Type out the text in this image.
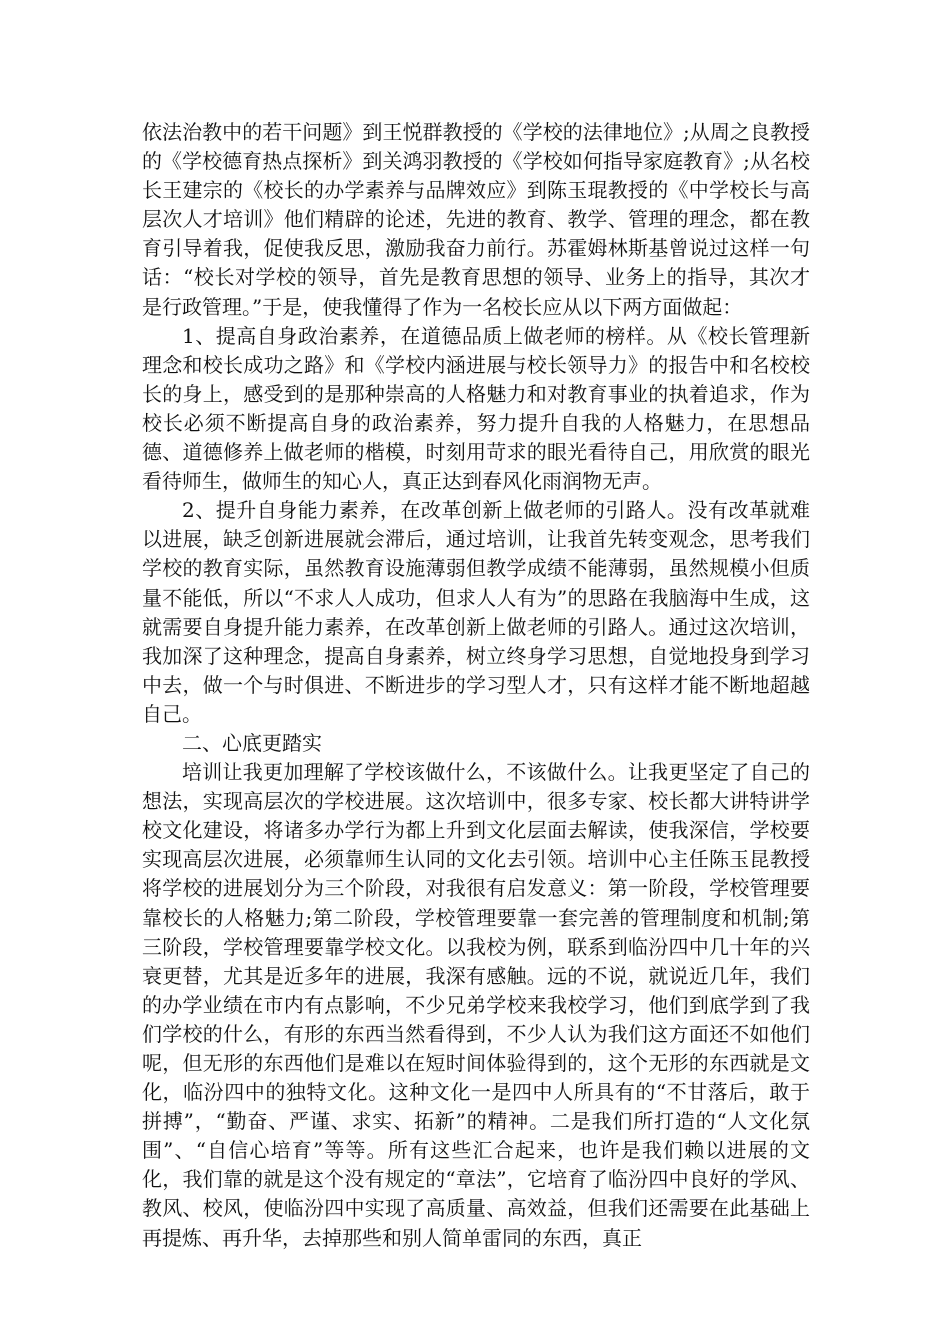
依法治教中的若干问题》到王悦群教授的《学校的法律地位》;从周之良教授的《学校德育热点探析》到关鸿羽教授的《学校如何指导家庭教育》;从名校长王建宗的《校长的办学素养与品牌效应》到陈玉琨教授的《中学校长与高层次人才培训》他们精辟的论述，先进的教育、教学、管理的理念，都在教育引导着我，促使我反思，激励我奋力前行。苏霍姆林斯基曾说过这样一句话：“校长对学校的领导，首先是教育思想的领导、业务上的指导，其次才是行政管理。”于是，使我懂得了作为一名校长应从以下两方面做起：

1、提高自身政治素养，在道德品质上做老师的榜样。从《校长管理新理念和校长成功之路》和《学校内涵进展与校长领导力》的报告中和名校校长的身上，感受到的是那种崇高的人格魅力和对教育事业的执着追求，作为校长必须不断提高自身的政治素养，努力提升自我的人格魅力，在思想品德、道德修养上做老师的楷模，时刻用苛求的眼光看待自己，用欣赏的眼光看待师生，做师生的知心人，真正达到春风化雨润物无声。

2、提升自身能力素养，在改革创新上做老师的引路人。没有改革就难以进展，缺乏创新进展就会滞后，通过培训，让我首先转变观念，思考我们学校的教育实际，虽然教育设施薄弱但教学成绩不能薄弱，虽然规模小但质量不能低，所以“不求人人成功，但求人人有为”的思路在我脑海中生成，这就需要自身提升能力素养，在改革创新上做老师的引路人。通过这次培训，我加深了这种理念，提高自身素养，树立终身学习思想，自觉地投身到学习中去，做一个与时俱进、不断进步的学习型人才，只有这样才能不断地超越自己。

二、心底更踏实

培训让我更加理解了学校该做什么，不该做什么。让我更坚定了自己的想法，实现高层次的学校进展。这次培训中，很多专家、校长都大讲特讲学校文化建设，将诸多办学行为都上升到文化层面去解读，使我深信，学校要实现高层次进展，必须靠师生认同的文化去引领。培训中心主任陈玉昆教授将学校的进展划分为三个阶段，对我很有启发意义：第一阶段，学校管理要靠校长的人格魅力;第二阶段，学校管理要靠一套完善的管理制度和机制;第三阶段，学校管理要靠学校文化。以我校为例，联系到临汾四中几十年的兴衰更替，尤其是近多年的进展，我深有感触。远的不说，就说近几年，我们的办学业绩在市内有点影响，不少兄弟学校来我校学习，他们到底学到了我们学校的什么，有形的东西当然看得到，不少人认为我们这方面还不如他们呢，但无形的东西他们是难以在短时间体验得到的，这个无形的东西就是文化，临汾四中的独特文化。这种文化一是四中人所具有的“不甘落后，敢于拼搏”，“勤奋、严谨、求实、拓新”的精神。二是我们所打造的“人文化氛围”、“自信心培育”等等。所有这些汇合起来，也许是我们赖以进展的文化，我们靠的就是这个没有规定的“章法”，它培育了临汾四中良好的学风、教风、校风，使临汾四中实现了高质量、高效益，但我们还需要在此基础上再提炼、再升华，去掉那些和别人简单雷同的东西，真正
